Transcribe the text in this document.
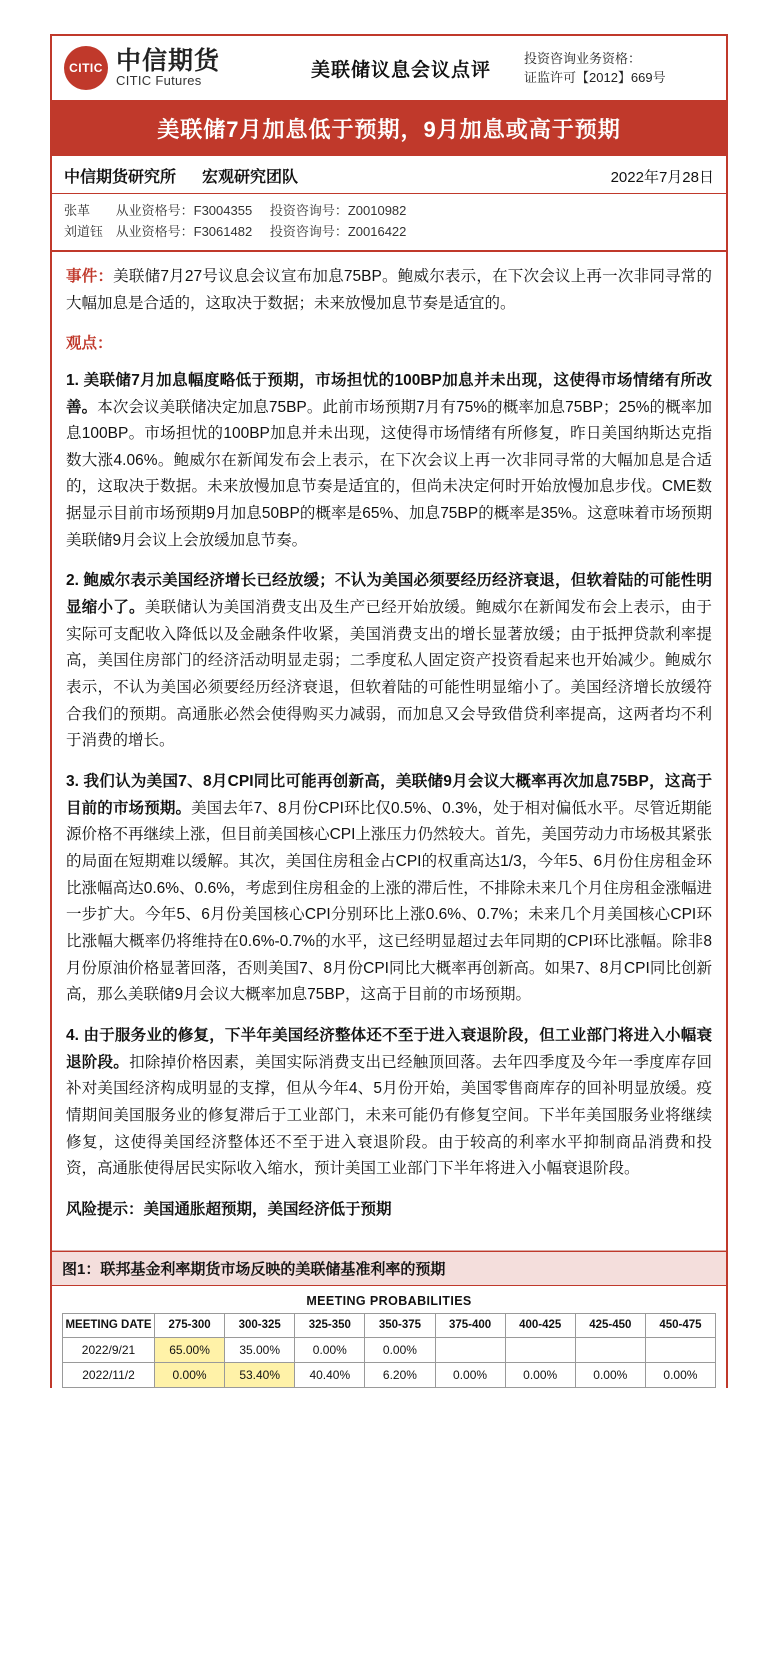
CITIC 中信期货
CITIC Futures
美联储议息会议点评
投资咨询业务资格：
证监许可【2012】669号
美联储7月加息低于预期，9月加息或高于预期
中信期货研究所 宏观研究团队	2022年7月28日
张革 从业资格号：F3004355 投资咨询号：Z0010982
刘道钰 从业资格号：F3061482 投资咨询号：Z0016422

事件：美联储7月27号议息会议宣布加息75BP。鲍威尔表示，在下次会议上再一次非同寻常的大幅加息是合适的，这取决于数据；未来放慢加息节奏是适宜的。

观点：

1. 美联储7月加息幅度略低于预期，市场担忧的100BP加息并未出现，这使得市场情绪有所改善。本次会议美联储决定加息75BP。此前市场预期7月有75%的概率加息75BP；25%的概率加息100BP。市场担忧的100BP加息并未出现，这使得市场情绪有所修复，昨日美国纳斯达克指数大涨4.06%。鲍威尔在新闻发布会上表示，在下次会议上再一次非同寻常的大幅加息是合适的，这取决于数据。未来放慢加息节奏是适宜的，但尚未决定何时开始放慢加息步伐。CME数据显示目前市场预期9月加息50BP的概率是65%、加息75BP的概率是35%。这意味着市场预期美联储9月会议上会放缓加息节奏。

2. 鲍威尔表示美国经济增长已经放缓；不认为美国必须要经历经济衰退，但软着陆的可能性明显缩小了。美联储认为美国消费支出及生产已经开始放缓。鲍威尔在新闻发布会上表示，由于实际可支配收入降低以及金融条件收紧，美国消费支出的增长显著放缓；由于抵押贷款利率提高，美国住房部门的经济活动明显走弱；二季度私人固定资产投资看起来也开始减少。鲍威尔表示，不认为美国必须要经历经济衰退，但软着陆的可能性明显缩小了。美国经济增长放缓符合我们的预期。高通胀必然会使得购买力减弱，而加息又会导致借贷利率提高，这两者均不利于消费的增长。

3. 我们认为美国7、8月CPI同比可能再创新高，美联储9月会议大概率再次加息75BP，这高于目前的市场预期。美国去年7、8月份CPI环比仅0.5%、0.3%，处于相对偏低水平。尽管近期能源价格不再继续上涨，但目前美国核心CPI上涨压力仍然较大。首先，美国劳动力市场极其紧张的局面在短期难以缓解。其次，美国住房租金占CPI的权重高达1/3，今年5、6月份住房租金环比涨幅高达0.6%、0.6%，考虑到住房租金的上涨的滞后性，不排除未来几个月住房租金涨幅进一步扩大。今年5、6月份美国核心CPI分别环比上涨0.6%、0.7%；未来几个月美国核心CPI环比涨幅大概率仍将维持在0.6%-0.7%的水平，这已经明显超过去年同期的CPI环比涨幅。除非8月份原油价格显著回落，否则美国7、8月份CPI同比大概率再创新高。如果7、8月CPI同比创新高，那么美联储9月会议大概率加息75BP，这高于目前的市场预期。

4. 由于服务业的修复，下半年美国经济整体还不至于进入衰退阶段，但工业部门将进入小幅衰退阶段。扣除掉价格因素，美国实际消费支出已经触顶回落。去年四季度及今年一季度库存回补对美国经济构成明显的支撑，但从今年4、5月份开始，美国零售商库存的回补明显放缓。疫情期间美国服务业的修复滞后于工业部门，未来可能仍有修复空间。下半年美国服务业将继续修复，这使得美国经济整体还不至于进入衰退阶段。由于较高的利率水平抑制商品消费和投资，高通胀使得居民实际收入缩水，预计美国工业部门下半年将进入小幅衰退阶段。

风险提示：美国通胀超预期，美国经济低于预期

图1：联邦基金利率期货市场反映的美联储基准利率的预期
MEETING PROBABILITIES
MEETING DATE	275-300	300-325	325-350	350-375	375-400	400-425	425-450	450-475
2022/9/21	65.00%	35.00%	0.00%	0.00%				
2022/11/2	0.00%	53.40%	40.40%	6.20%	0.00%	0.00%	0.00%	0.00%
